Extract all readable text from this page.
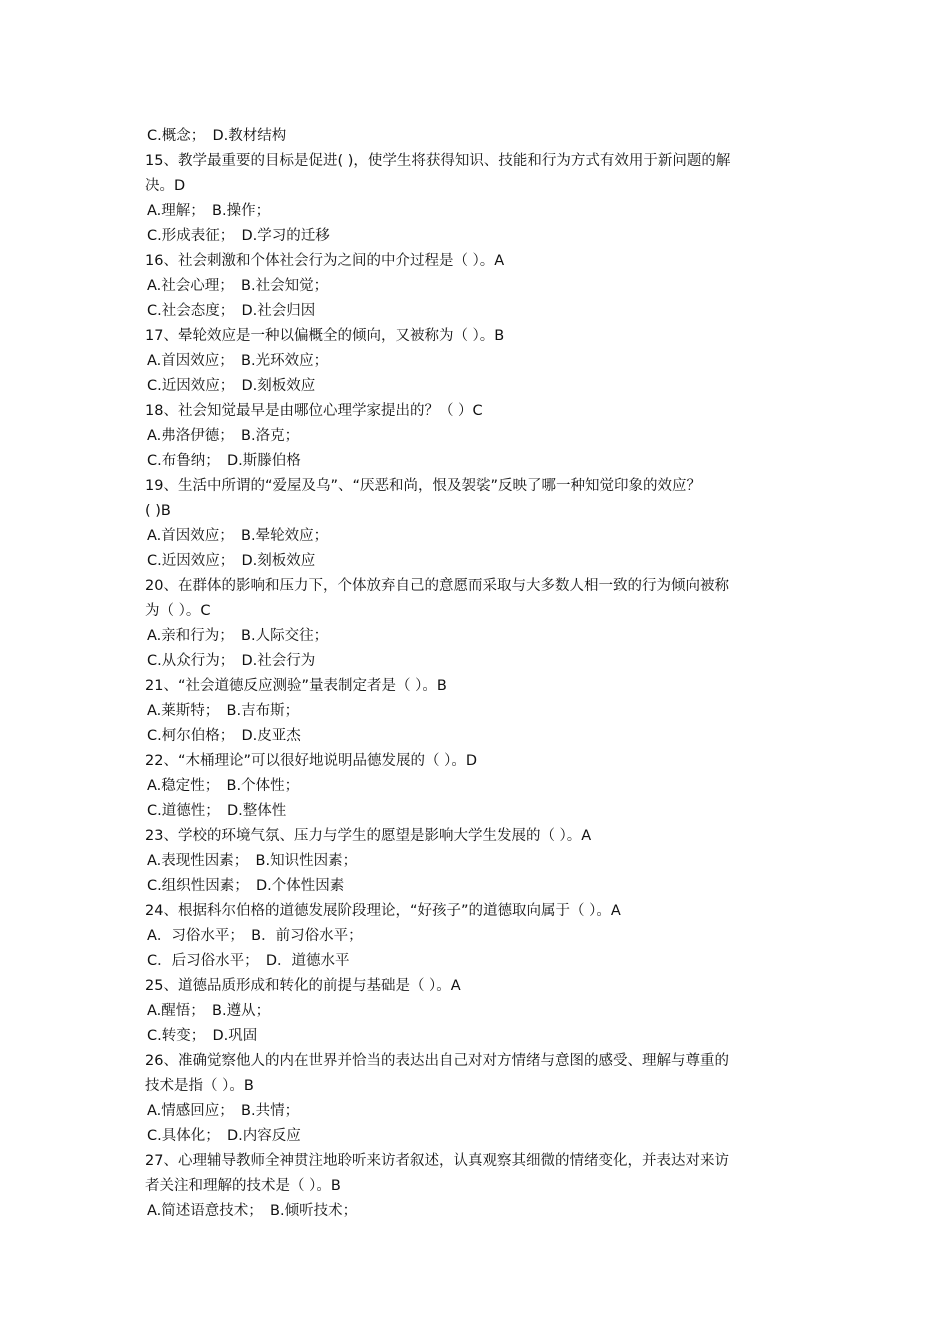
C.概念；　D.教材结构

15、教学最重要的目标是促进( )，使学生将获得知识、技能和行为方式有效用于新问题的解

决。D

A.理解；　B.操作；

C.形成表征；　D.学习的迁移

16、社会刺激和个体社会行为之间的中介过程是（ ）。A

A.社会心理；　B.社会知觉；

C.社会态度；　D.社会归因

17、晕轮效应是一种以偏概全的倾向，又被称为（ ）。B

A.首因效应；　B.光环效应；

C.近因效应；　D.刻板效应

18、社会知觉最早是由哪位心理学家提出的？（ ）C

A.弗洛伊德；　B.洛克；

C.布鲁纳；　D.斯滕伯格

19、生活中所谓的“爱屋及乌”、“厌恶和尚，恨及袈裟”反映了哪一种知觉印象的效应？

( )B

A.首因效应；　B.晕轮效应；

C.近因效应；　D.刻板效应

20、在群体的影响和压力下，个体放弃自己的意愿而采取与大多数人相一致的行为倾向被称

为（ ）。C

A.亲和行为；　B.人际交往；

C.从众行为；　D.社会行为

21、“社会道德反应测验”量表制定者是（ ）。B

A.莱斯特；　B.吉布斯；

C.柯尔伯格；　D.皮亚杰

22、“木桶理论”可以很好地说明品德发展的（ ）。D

A.稳定性；　B.个体性；

C.道德性；　D.整体性

23、学校的环境气氛、压力与学生的愿望是影响大学生发展的（ ）。A

A.表现性因素；　B.知识性因素；

C.组织性因素；　D.个体性因素

24、根据科尔伯格的道德发展阶段理论，“好孩子”的道德取向属于（ ）。A

A．习俗水平；　B．前习俗水平；

C．后习俗水平；　D．道德水平

25、道德品质形成和转化的前提与基础是（ ）。A

A.醒悟；　B.遵从；

C.转变；　D.巩固

26、准确觉察他人的内在世界并恰当的表达出自己对对方情绪与意图的感受、理解与尊重的

技术是指（ ）。B

A.情感回应；　B.共情；

C.具体化；　D.内容反应

27、心理辅导教师全神贯注地聆听来访者叙述，认真观察其细微的情绪变化，并表达对来访

者关注和理解的技术是（ ）。B

A.简述语意技术；　B.倾听技术；
